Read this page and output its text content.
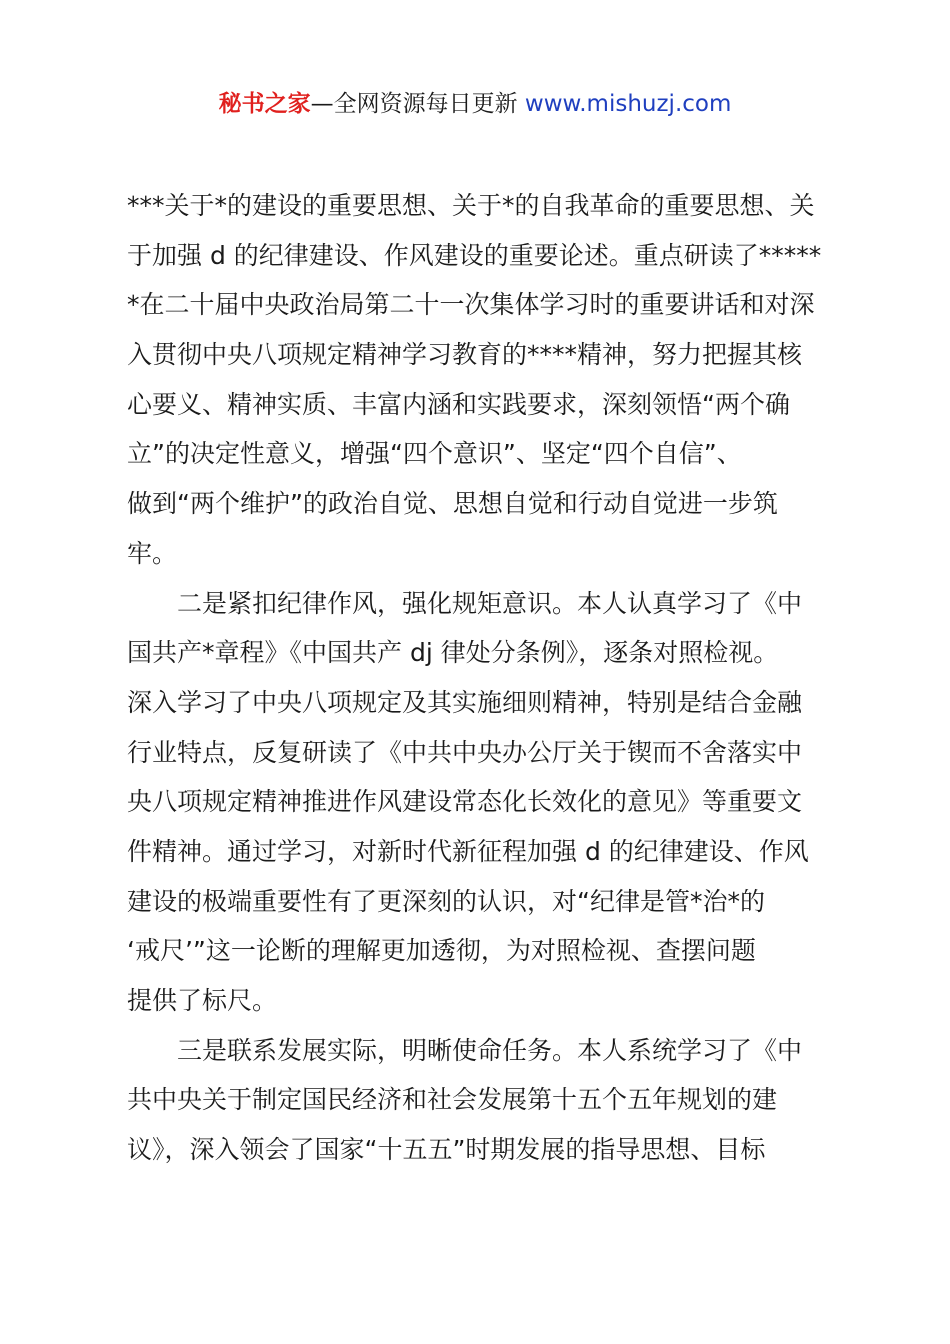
秘书之家—全网资源每日更新 www.mishuzj.com
***关于*的建设的重要思想、关于*的自我革命的重要思想、关
于加强 d 的纪律建设、作风建设的重要论述。重点研读了*****
*在二十届中央政治局第二十一次集体学习时的重要讲话和对深
入贯彻中央八项规定精神学习教育的****精神，努力把握其核
心要义、精神实质、丰富内涵和实践要求，深刻领悟“两个确
立”的决定性意义，增强“四个意识”、坚定“四个自信”、
做到“两个维护”的政治自觉、思想自觉和行动自觉进一步筑
牢。
　　二是紧扣纪律作风，强化规矩意识。本人认真学习了《中
国共产*章程》《中国共产 dj 律处分条例》，逐条对照检视。
深入学习了中央八项规定及其实施细则精神，特别是结合金融
行业特点，反复研读了《中共中央办公厅关于锲而不舍落实中
央八项规定精神推进作风建设常态化长效化的意见》等重要文
件精神。通过学习，对新时代新征程加强 d 的纪律建设、作风
建设的极端重要性有了更深刻的认识，对“纪律是管*治*的
‘戒尺’”这一论断的理解更加透彻，为对照检视、查摆问题
提供了标尺。
　　三是联系发展实际，明晰使命任务。本人系统学习了《中
共中央关于制定国民经济和社会发展第十五个五年规划的建
议》，深入领会了国家“十五五”时期发展的指导思想、目标
